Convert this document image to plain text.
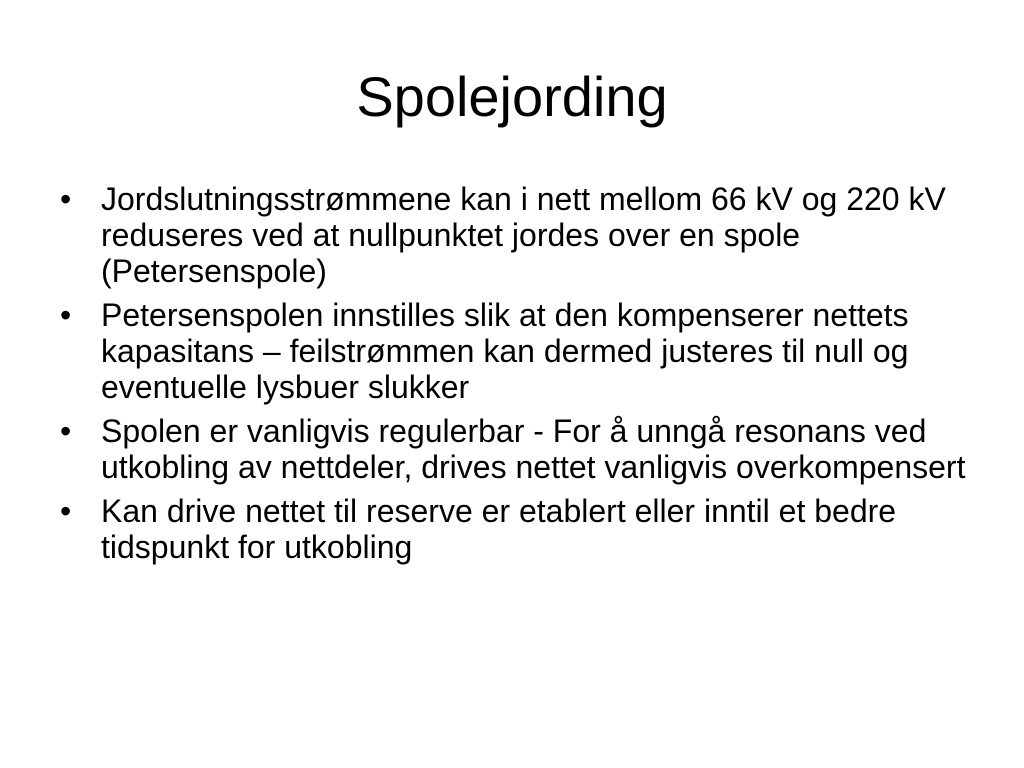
Spolejording
• Jordslutningsstrømmene kan i nett mellom 66 kV og 220 kV reduseres ved at nullpunktet jordes over en spole (Petersenspole)
• Petersenspolen innstilles slik at den kompenserer nettets kapasitans – feilstrømmen kan dermed justeres til null og eventuelle lysbuer slukker
• Spolen er vanligvis regulerbar - For å unngå resonans ved utkobling av nettdeler, drives nettet vanligvis overkompensert
• Kan drive nettet til reserve er etablert eller inntil et bedre tidspunkt for utkobling
